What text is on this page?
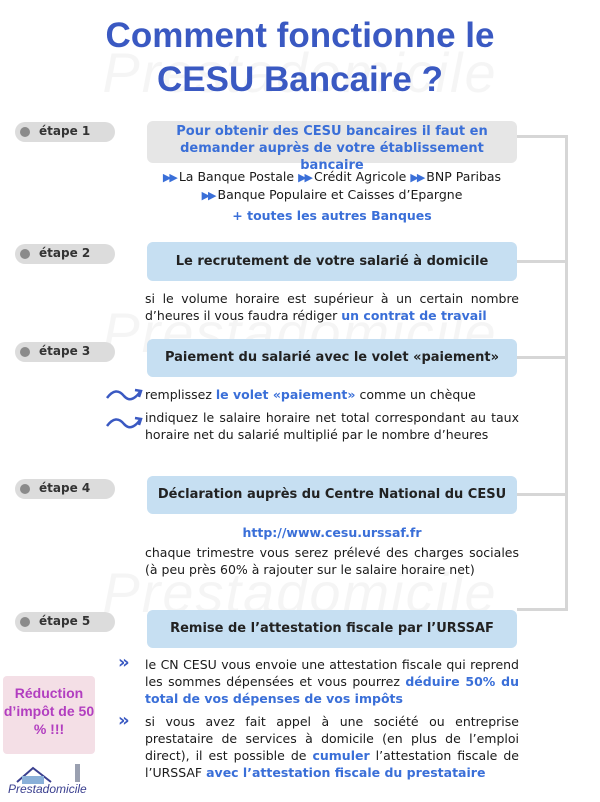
Comment fonctionne le
CESU Bancaire ?
étape 1	Pour obtenir des CESU bancaires il faut en demander auprès de votre établissement bancaire
▶▶ La Banque Postale ▶▶ Crédit Agricole ▶▶ BNP Paribas
▶▶ Banque Populaire et Caisses d’Epargne
+ toutes les autres Banques
étape 2
Le recrutement de votre salarié à domicile
si le volume horaire est supérieur à un certain nombre d’heures il vous faudra rédiger un contrat de travail
étape 3	Paiement du salarié avec le volet «paiement»
remplissez le volet «paiement» comme un chèque
indiquez le salaire horaire net total correspondant au taux horaire net du salarié multiplié par le nombre d’heures
étape 4	Déclaration auprès du Centre National du CESU
http://www.cesu.urssaf.fr
chaque trimestre vous serez prélevé des charges sociales (à peu près 60% à rajouter sur le salaire horaire net)
étape 5	Remise de l’attestation fiscale par l’URSSAF
» le CN CESU vous envoie une attestation fiscale qui reprend les sommes dépensées et vous pourrez déduire 50% du total de vos dépenses de vos impôts
» si vous avez fait appel à une société ou entreprise prestataire de services à domicile (en plus de l’emploi direct), il est possible de cumuler l’attestation fiscale de l’URSSAF avec l’attestation fiscale du prestataire
Réduction d’impôt de 50 % !!!
Prestadomicile
